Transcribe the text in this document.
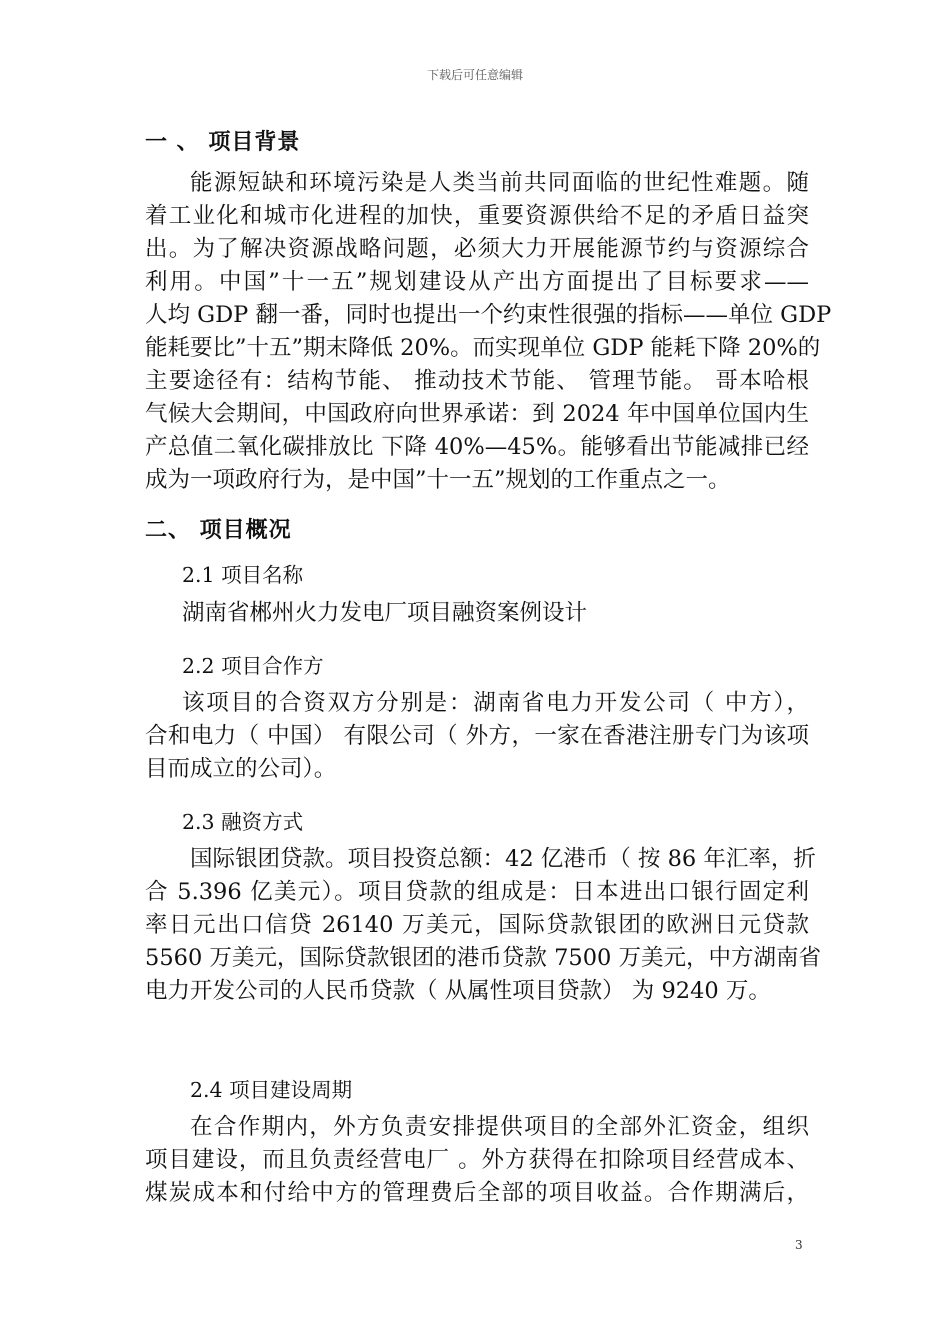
下载后可任意编辑
一 、 项目背景
能源短缺和环境污染是人类当前共同面临的世纪性难题。随
着工业化和城市化进程的加快，重要资源供给不足的矛盾日益突
出。为了解决资源战略问题，必须大力开展能源节约与资源综合
利用。中国”十一五”规划建设从产出方面提出了目标要求——
人均 GDP 翻一番，同时也提出一个约束性很强的指标——单位 GDP
能耗要比”十五”期末降低 20%。而实现单位 GDP 能耗下降 20%的
主要途径有：结构节能、 推动技术节能、 管理节能。 哥本哈根
气候大会期间，中国政府向世界承诺：到 2024 年中国单位国内生
产总值二氧化碳排放比 下降 40%—45%。能够看出节能减排已经
成为一项政府行为，是中国”十一五”规划的工作重点之一。
二、 项目概况
2.1 项目名称
湖南省郴州火力发电厂项目融资案例设计
2.2 项目合作方
该项目的合资双方分别是：湖南省电力开发公司（ 中方），
合和电力（ 中国） 有限公司（ 外方，一家在香港注册专门为该项
目而成立的公司）。
2.3 融资方式
国际银团贷款。项目投资总额：42 亿港币（ 按 86 年汇率，折
合 5.396 亿美元）。项目贷款的组成是：日本进出口银行固定利
率日元出口信贷 26140 万美元，国际贷款银团的欧洲日元贷款
5560 万美元，国际贷款银团的港币贷款 7500 万美元，中方湖南省
电力开发公司的人民币贷款（ 从属性项目贷款） 为 9240 万。
2.4 项目建设周期
在合作期内，外方负责安排提供项目的全部外汇资金，组织
项目建设，而且负责经营电厂 。外方获得在扣除项目经营成本、
煤炭成本和付给中方的管理费后全部的项目收益。合作期满后，
3
